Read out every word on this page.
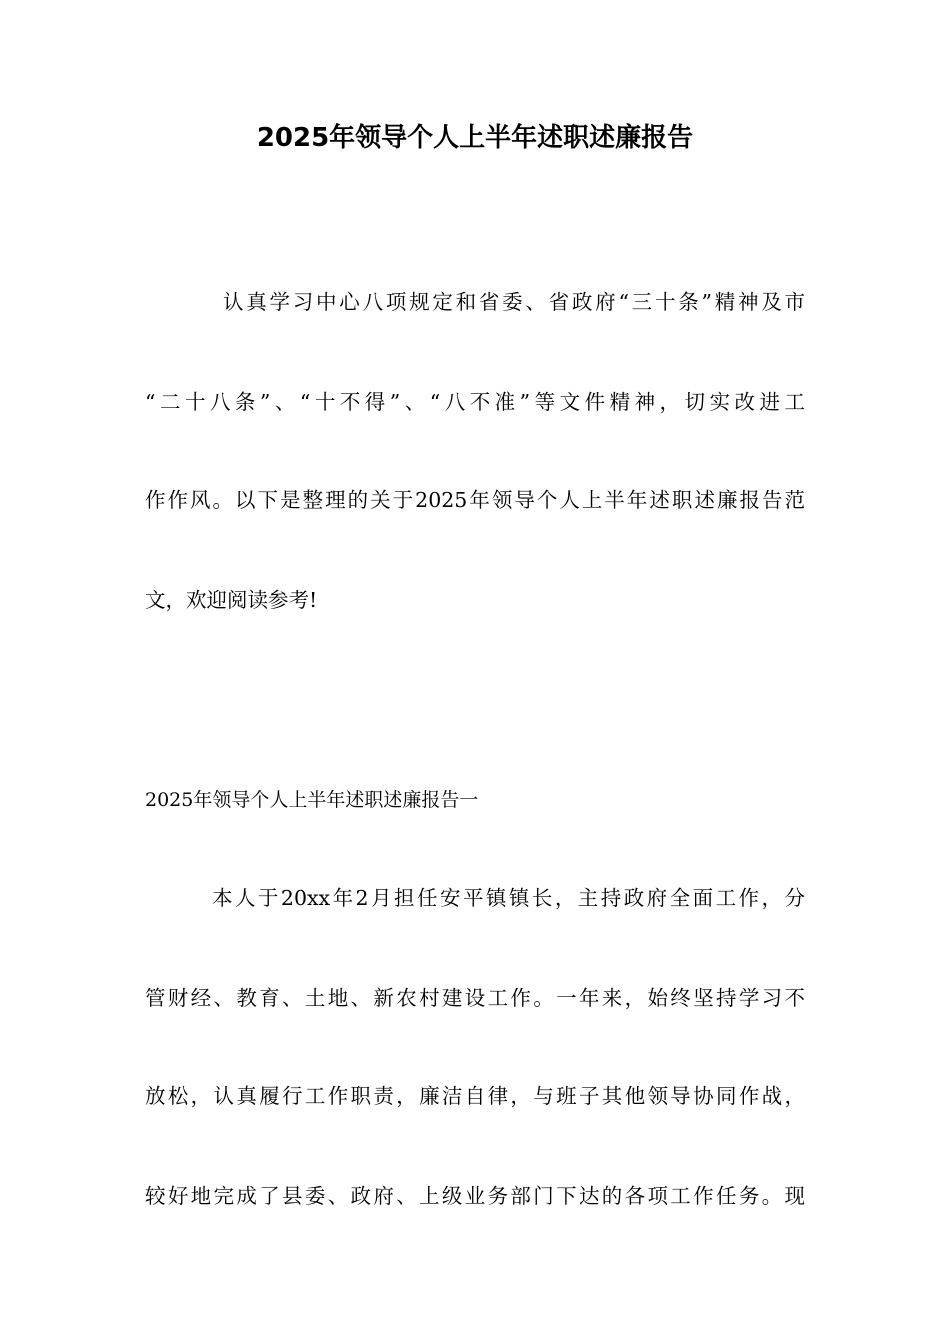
2025年领导个人上半年述职述廉报告
认真学习中心八项规定和省委、省政府“三十条”精神及市
“二十八条”、“十不得”、“八不准”等文件精神，切实改进工
作作风。以下是整理的关于2025年领导个人上半年述职述廉报告范
文，欢迎阅读参考!
2025年领导个人上半年述职述廉报告一
本人于20xx年2月担任安平镇镇长，主持政府全面工作，分
管财经、教育、土地、新农村建设工作。一年来，始终坚持学习不
放松，认真履行工作职责，廉洁自律，与班子其他领导协同作战，
较好地完成了县委、政府、上级业务部门下达的各项工作任务。现
